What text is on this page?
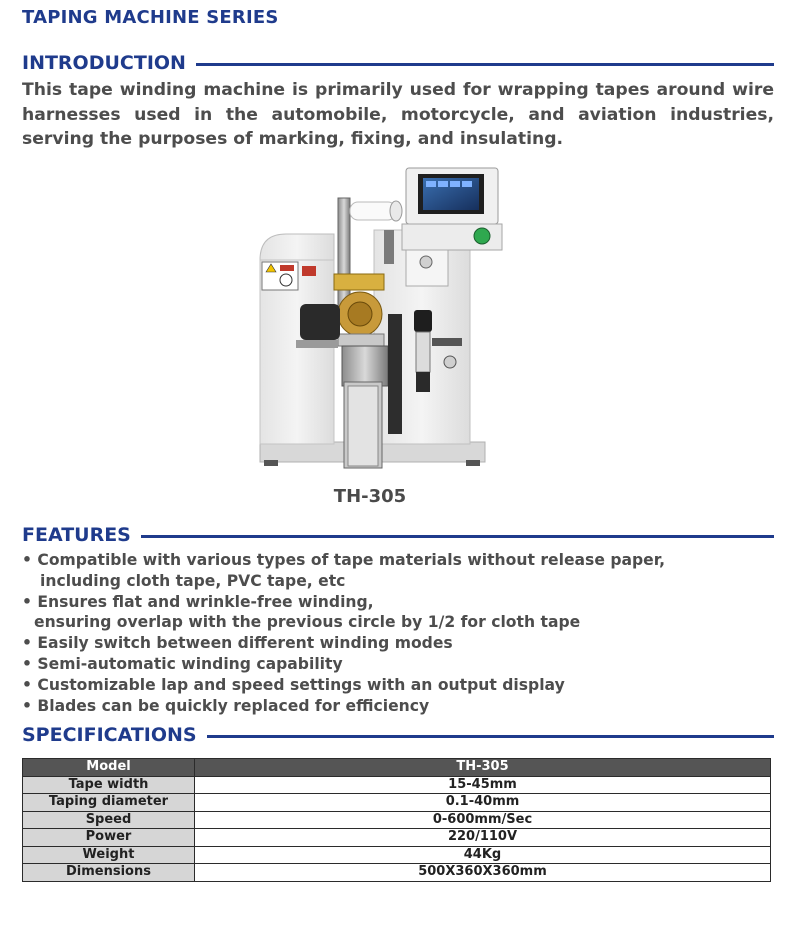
TAPING MACHINE SERIES
INTRODUCTION

This tape winding machine is primarily used for wrapping tapes around wire harnesses used in the automobile, motorcycle, and aviation industries, serving the purposes of marking, fixing, and insulating.

TH-305
FEATURES
• Compatible with various types of tape materials without release paper,
including cloth tape, PVC tape, etc
• Ensures flat and wrinkle-free winding,
ensuring overlap with the previous circle by 1/2 for cloth tape
• Easily switch between different winding modes
• Semi-automatic winding capability
• Customizable lap and speed settings with an output display
• Blades can be quickly replaced for efficiency
SPECIFICATIONS
Model	TH-305
Tape width	15-45mm
Taping diameter	0.1-40mm
Speed	0-600mm/Sec
Power	220/110V
Weight	44Kg
Dimensions	500X360X360mm
